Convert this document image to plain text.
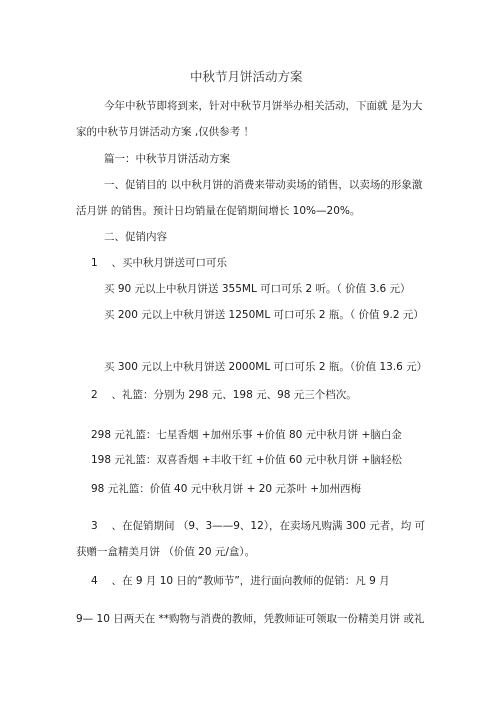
中秋节月饼活动方案
今年中秋节即将到来，针对中秋节月饼举办相关活动，下面就 是为大
家的中秋节月饼活动方案 ,仅供参考 ！
篇一：中秋节月饼活动方案
一、促销目的 以中秋月饼的消费来带动卖场的销售，以卖场的形象激
活月饼 的销售。预计日均销量在促销期间增长 10%—20%。
二、促销内容
1　 、买中秋月饼送可口可乐
买 90 元以上中秋月饼送 355ML 可口可乐 2 听。（ 价值 3.6 元）
买 200 元以上中秋月饼送 1250ML 可口可乐 2 瓶。（ 价值 9.2 元）
买 300 元以上中秋月饼送 2000ML 可口可乐 2 瓶。（价值 13.6 元）
2　 、礼篮：分别为 298 元、198 元、98 元三个档次。
298 元礼篮：七星香烟 +加州乐事 +价值 80 元中秋月饼 +脑白金
198 元礼篮：双喜香烟 +丰收干红 +价值 60 元中秋月饼 +脑轻松
98 元礼篮：价值 40 元中秋月饼 + 20 元茶叶 +加州西梅
3　 、在促销期间 （9、3——9、12），在卖场凡购满 300 元者，均 可
获赠一盒精美月饼 （价值 20 元/盒）。
4　 、在 9 月 10 日的“教师节”，进行面向教师的促销：凡 9 月
9— 10 日两天在 **购物与消费的教师，凭教师证可领取一份精美月饼 或礼
